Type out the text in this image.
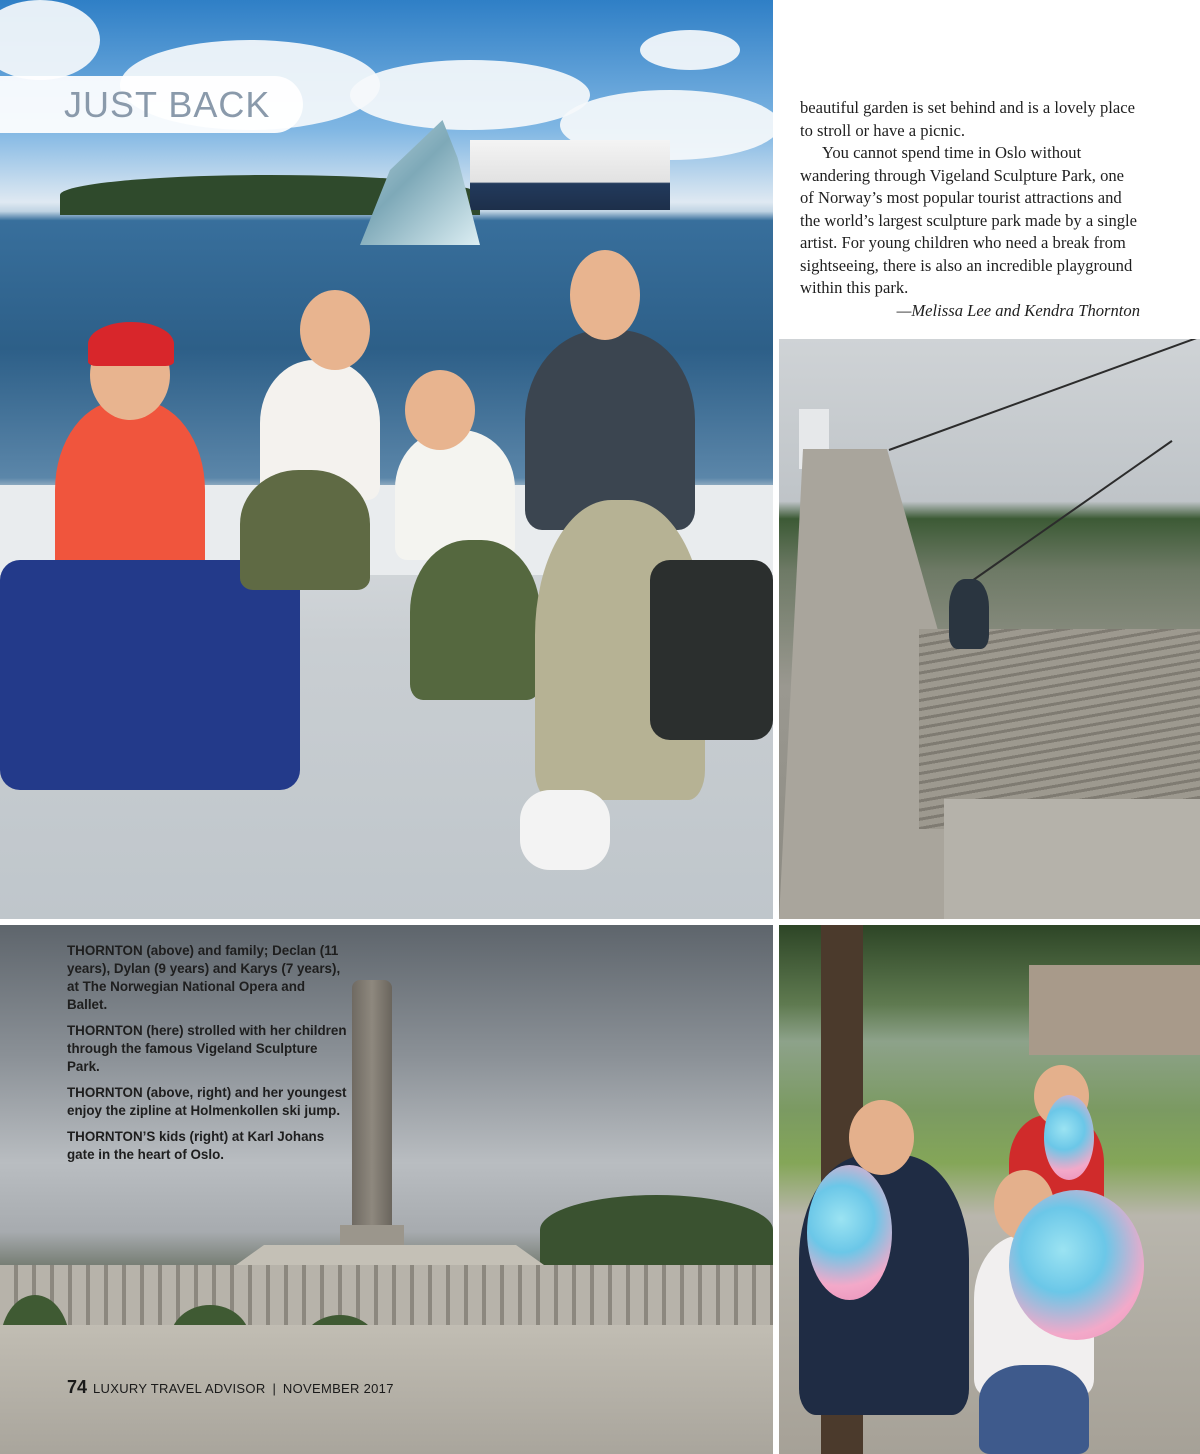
JUST BACK	beautiful garden is set behind and is a lovely place to stroll or have a picnic.

You cannot spend time in Oslo without wandering through Vigeland Sculpture Park, one of Norway’s most popular tourist attractions and the world’s largest sculpture park made by a single artist. For young children who need a break from sightseeing, there is also an incredible playground within this park.

—Melissa Lee and Kendra Thornton

THORNTON (above) and family; Declan (11 years), Dylan (9 years) and Karys (7 years), at The Norwegian National Opera and Ballet.

THORNTON (here) strolled with her children through the famous Vigeland Sculpture Park.

THORNTON (above, right) and her youngest enjoy the zipline at Holmenkollen ski jump.

THORNTON’S kids (right) at Karl Johans gate in the heart of Oslo.

74 LUXURY TRAVEL ADVISOR | NOVEMBER 2017
